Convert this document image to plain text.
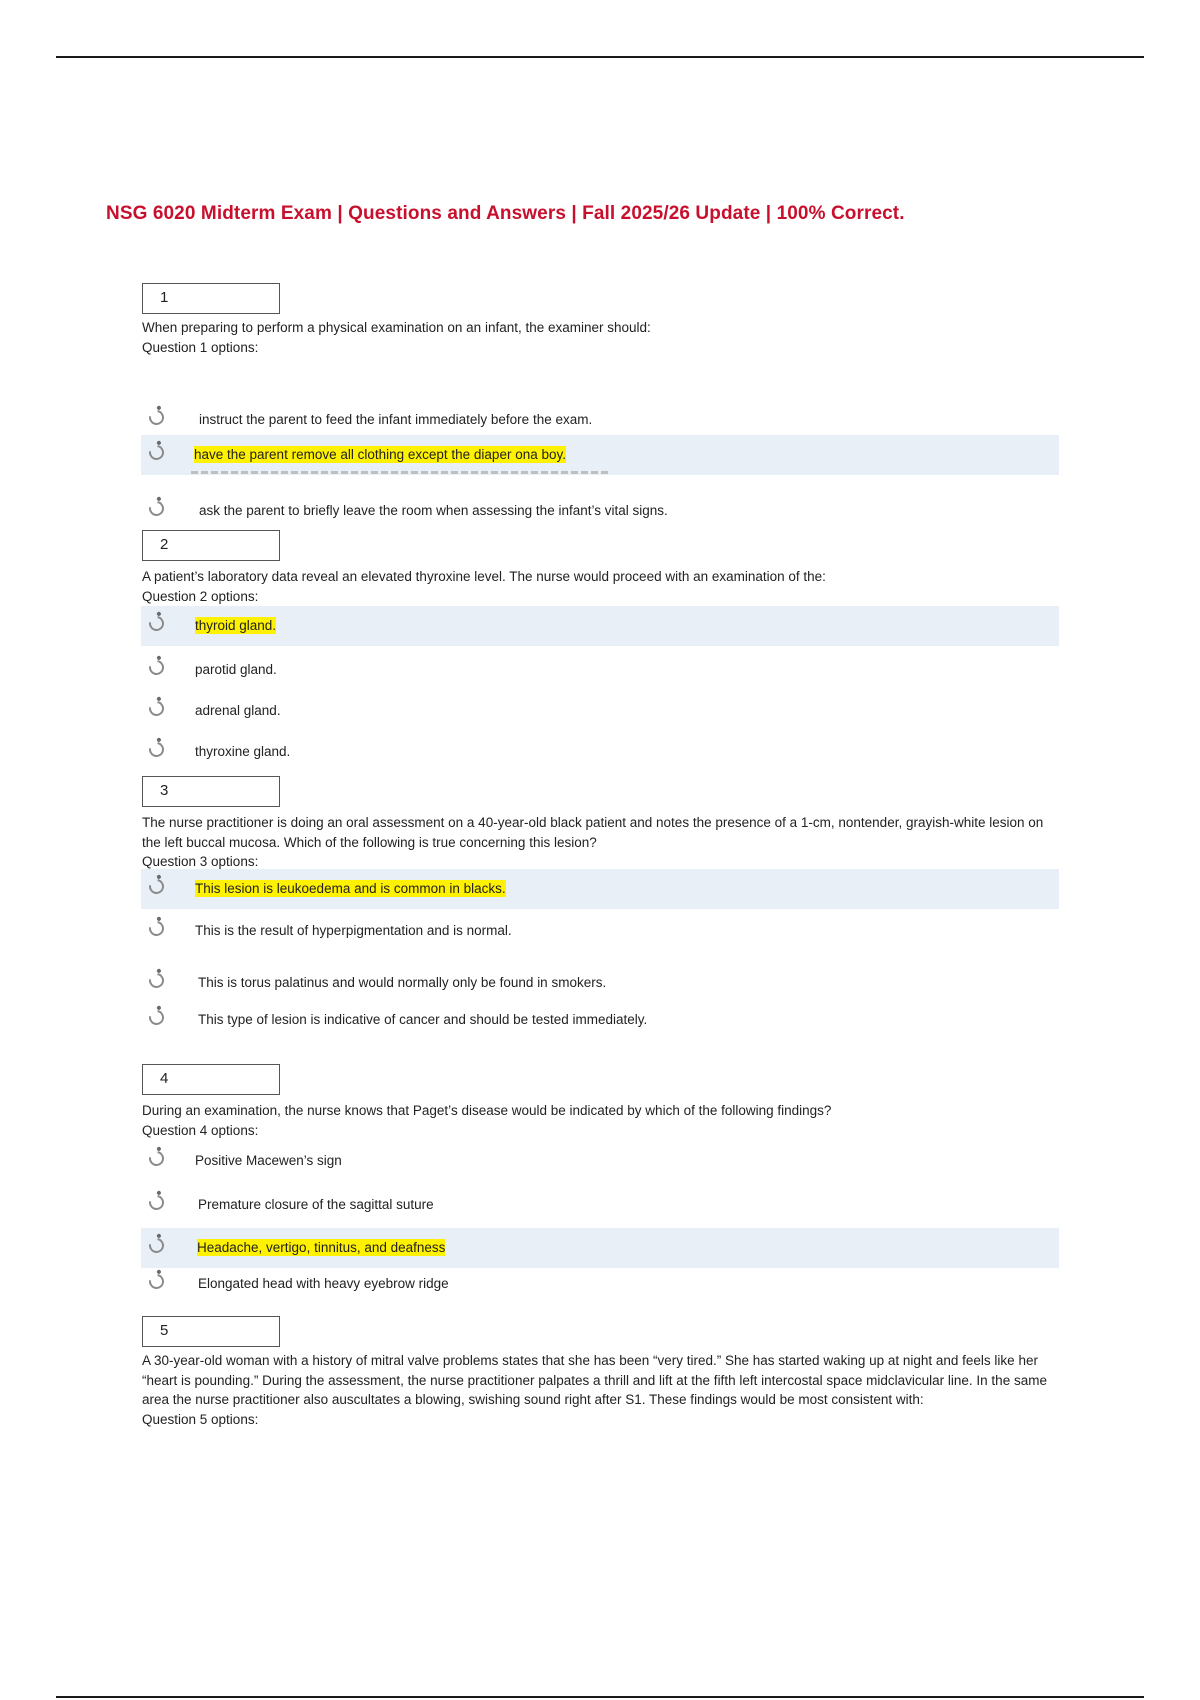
NSG 6020 Midterm Exam | Questions and Answers | Fall 2025/26 Update | 100% Correct.
1

When preparing to perform a physical examination on an infant, the examiner should:
Question 1 options:

instruct the parent to feed the infant immediately before the exam.
have the parent remove all clothing except the diaper ona boy.
ask the parent to briefly leave the room when assessing the infant’s vital signs.
2

A patient’s laboratory data reveal an elevated thyroxine level. The nurse would proceed with an examination of the:
Question 2 options:

thyroid gland.
parotid gland.
adrenal gland.
thyroxine gland.
3

The nurse practitioner is doing an oral assessment on a 40-year-old black patient and notes the presence of a 1-cm, nontender, grayish-white lesion on the left buccal mucosa. Which of the following is true concerning this lesion?
Question 3 options:

This lesion is leukoedema and is common in blacks.
This is the result of hyperpigmentation and is normal.
This is torus palatinus and would normally only be found in smokers.
This type of lesion is indicative of cancer and should be tested immediately.
4

During an examination, the nurse knows that Paget’s disease would be indicated by which of the following findings?
Question 4 options:

Positive Macewen’s sign
Premature closure of the sagittal suture
Headache, vertigo, tinnitus, and deafness
Elongated head with heavy eyebrow ridge
5

A 30-year-old woman with a history of mitral valve problems states that she has been “very tired.” She has started waking up at night and feels like her “heart is pounding.” During the assessment, the nurse practitioner palpates a thrill and lift at the fifth left intercostal space midclavicular line. In the same area the nurse practitioner also auscultates a blowing, swishing sound right after S1. These findings would be most consistent with:
Question 5 options:
